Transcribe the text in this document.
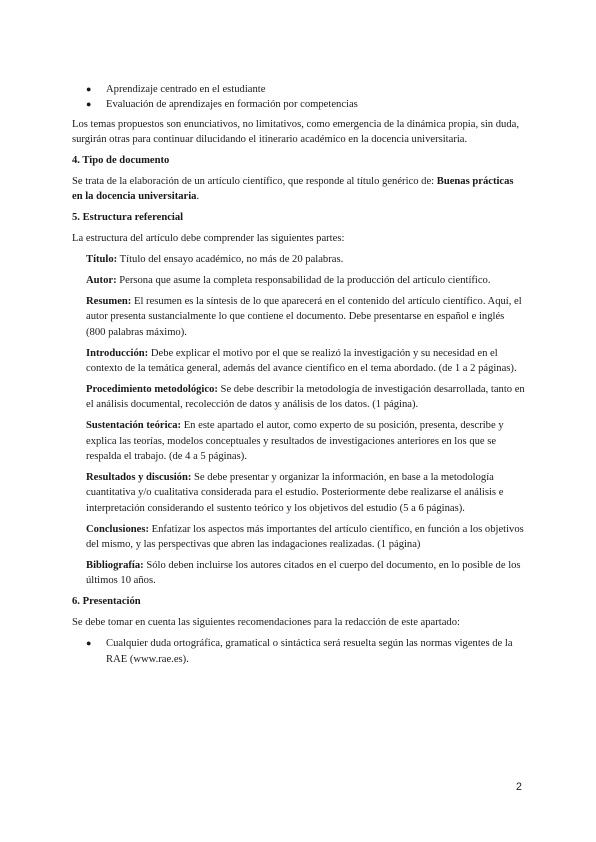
● Aprendizaje centrado en el estudiante
● Evaluación de aprendizajes en formación por competencias

Los temas propuestos son enunciativos, no limitativos, como emergencia de la dinámica propia, sin duda, surgirán otras para continuar dilucidando el itinerario académico en la docencia universitaria.

4. Tipo de documento

Se trata de la elaboración de un artículo científico, que responde al título genérico de: Buenas prácticas en la docencia universitaria.

5. Estructura referencial

La estructura del artículo debe comprender las siguientes partes:

Título: Título del ensayo académico, no más de 20 palabras.

Autor: Persona que asume la completa responsabilidad de la producción del artículo científico.

Resumen: El resumen es la síntesis de lo que aparecerá en el contenido del artículo científico. Aquí, el autor presenta sustancialmente lo que contiene el documento. Debe presentarse en español e inglés (800 palabras máximo).

Introducción: Debe explicar el motivo por el que se realizó la investigación y su necesidad en el contexto de la temática general, además del avance científico en el tema abordado. (de 1 a 2 páginas).

Procedimiento metodológico: Se debe describir la metodología de investigación desarrollada, tanto en el análisis documental, recolección de datos y análisis de los datos. (1 página).

Sustentación teórica: En este apartado el autor, como experto de su posición, presenta, describe y explica las teorías, modelos conceptuales y resultados de investigaciones anteriores en los que se respalda el trabajo. (de 4 a 5 páginas).

Resultados y discusión: Se debe presentar y organizar la información, en base a la metodología cuantitativa y/o cualitativa considerada para el estudio. Posteriormente debe realizarse el análisis e interpretación considerando el sustento teórico y los objetivos del estudio (5 a 6 páginas).

Conclusiones: Enfatizar los aspectos más importantes del artículo científico, en función a los objetivos del mismo, y las perspectivas que abren las indagaciones realizadas. (1 página)

Bibliografía: Sólo deben incluirse los autores citados en el cuerpo del documento, en lo posible de los últimos 10 años.

6. Presentación

Se debe tomar en cuenta las siguientes recomendaciones para la redacción de este apartado:

● Cualquier duda ortográfica, gramatical o sintáctica será resuelta según las normas vigentes de la RAE (www.rae.es).
2
